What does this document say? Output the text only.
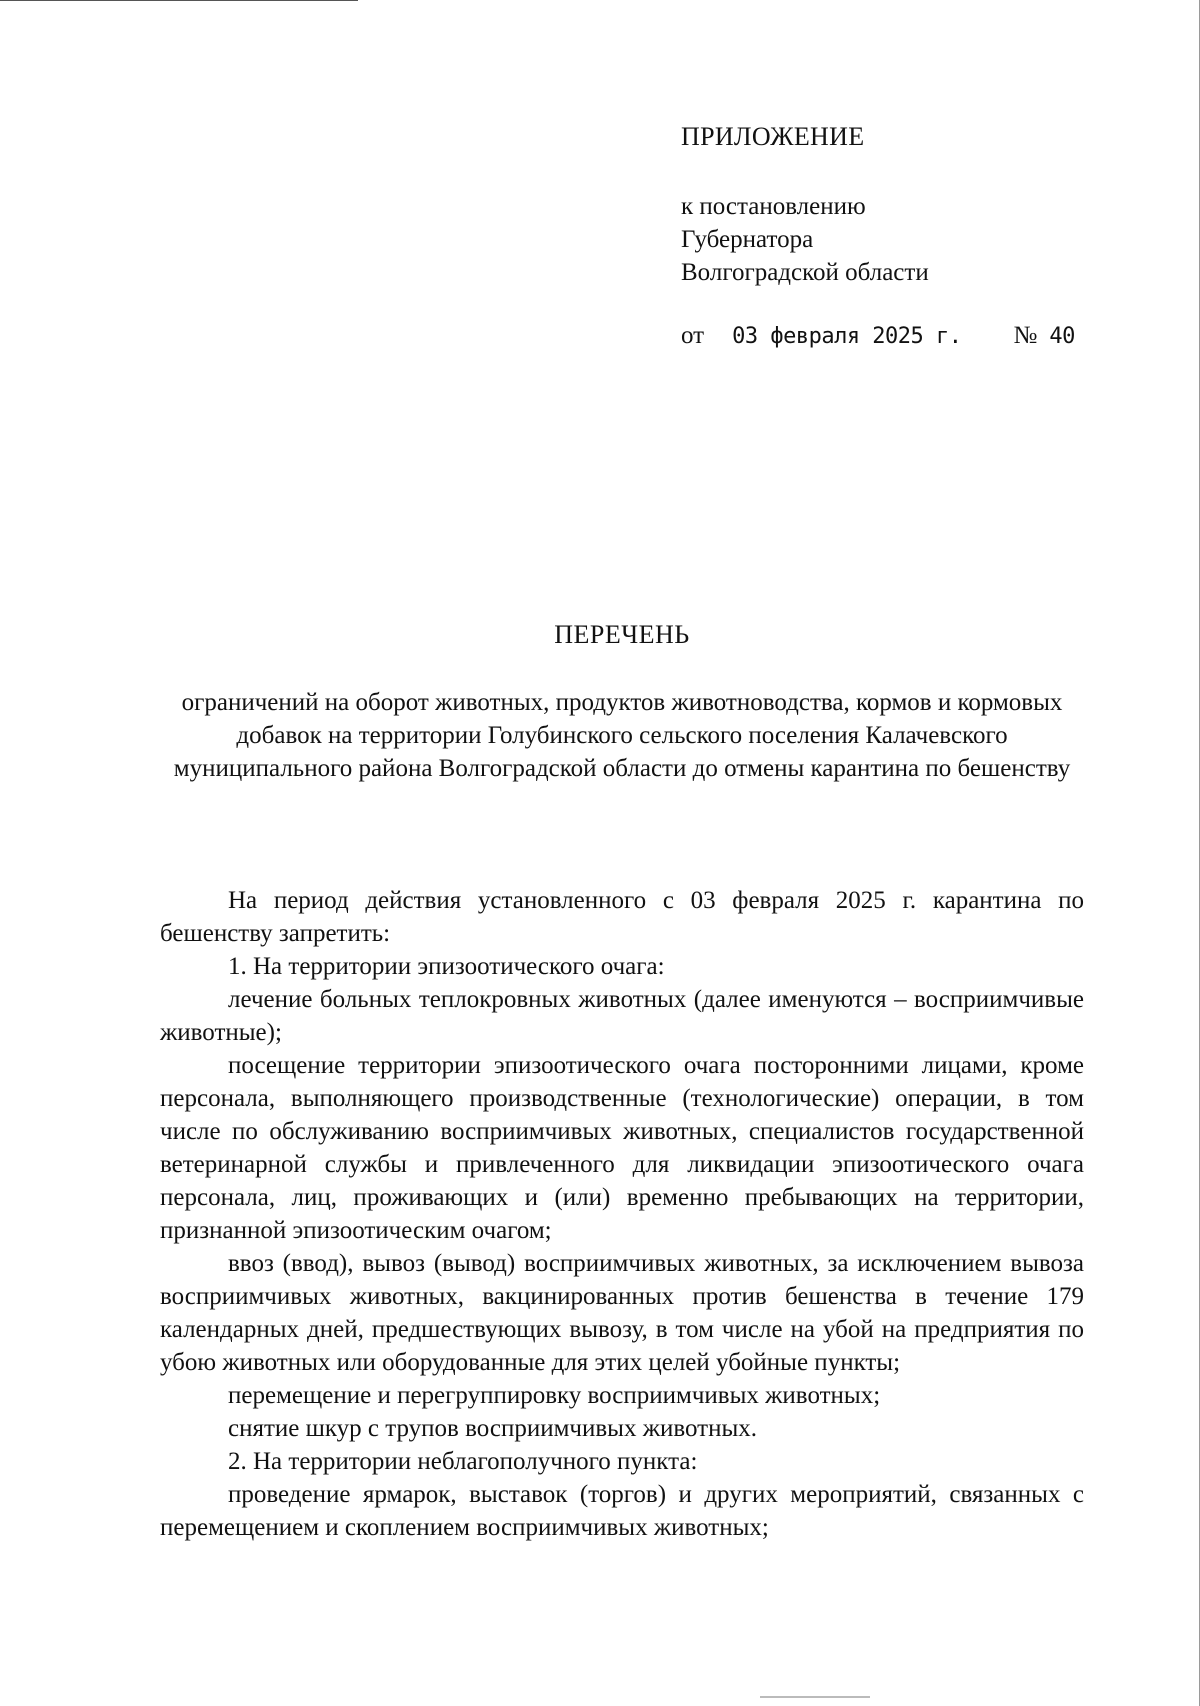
ПРИЛОЖЕНИЕ
к постановлению
Губернатора
Волгоградской области
от 03 февраля 2025 г. № 40
ПЕРЕЧЕНЬ
ограничений на оборот животных, продуктов животноводства, кормов и кормовых добавок на территории Голубинского сельского поселения Калачевского муниципального района Волгоградской области до отмены карантина по бешенству

На период действия установленного с 03 февраля 2025 г. карантина по бешенству запретить:

1. На территории эпизоотического очага:

лечение больных теплокровных животных (далее именуются – восприимчивые животные);

посещение территории эпизоотического очага посторонними лицами, кроме персонала, выполняющего производственные (технологические) операции, в том числе по обслуживанию восприимчивых животных, специалистов государственной ветеринарной службы и привлеченного для ликвидации эпизоотического очага персонала, лиц, проживающих и (или) временно пребывающих на территории, признанной эпизоотическим очагом;

ввоз (ввод), вывоз (вывод) восприимчивых животных, за исключением вывоза восприимчивых животных, вакцинированных против бешенства в течение 179 календарных дней, предшествующих вывозу, в том числе на убой на предприятия по убою животных или оборудованные для этих целей убойные пункты;

перемещение и перегруппировку восприимчивых животных;

снятие шкур с трупов восприимчивых животных.

2. На территории неблагополучного пункта:

проведение ярмарок, выставок (торгов) и других мероприятий, связанных с перемещением и скоплением восприимчивых животных;
